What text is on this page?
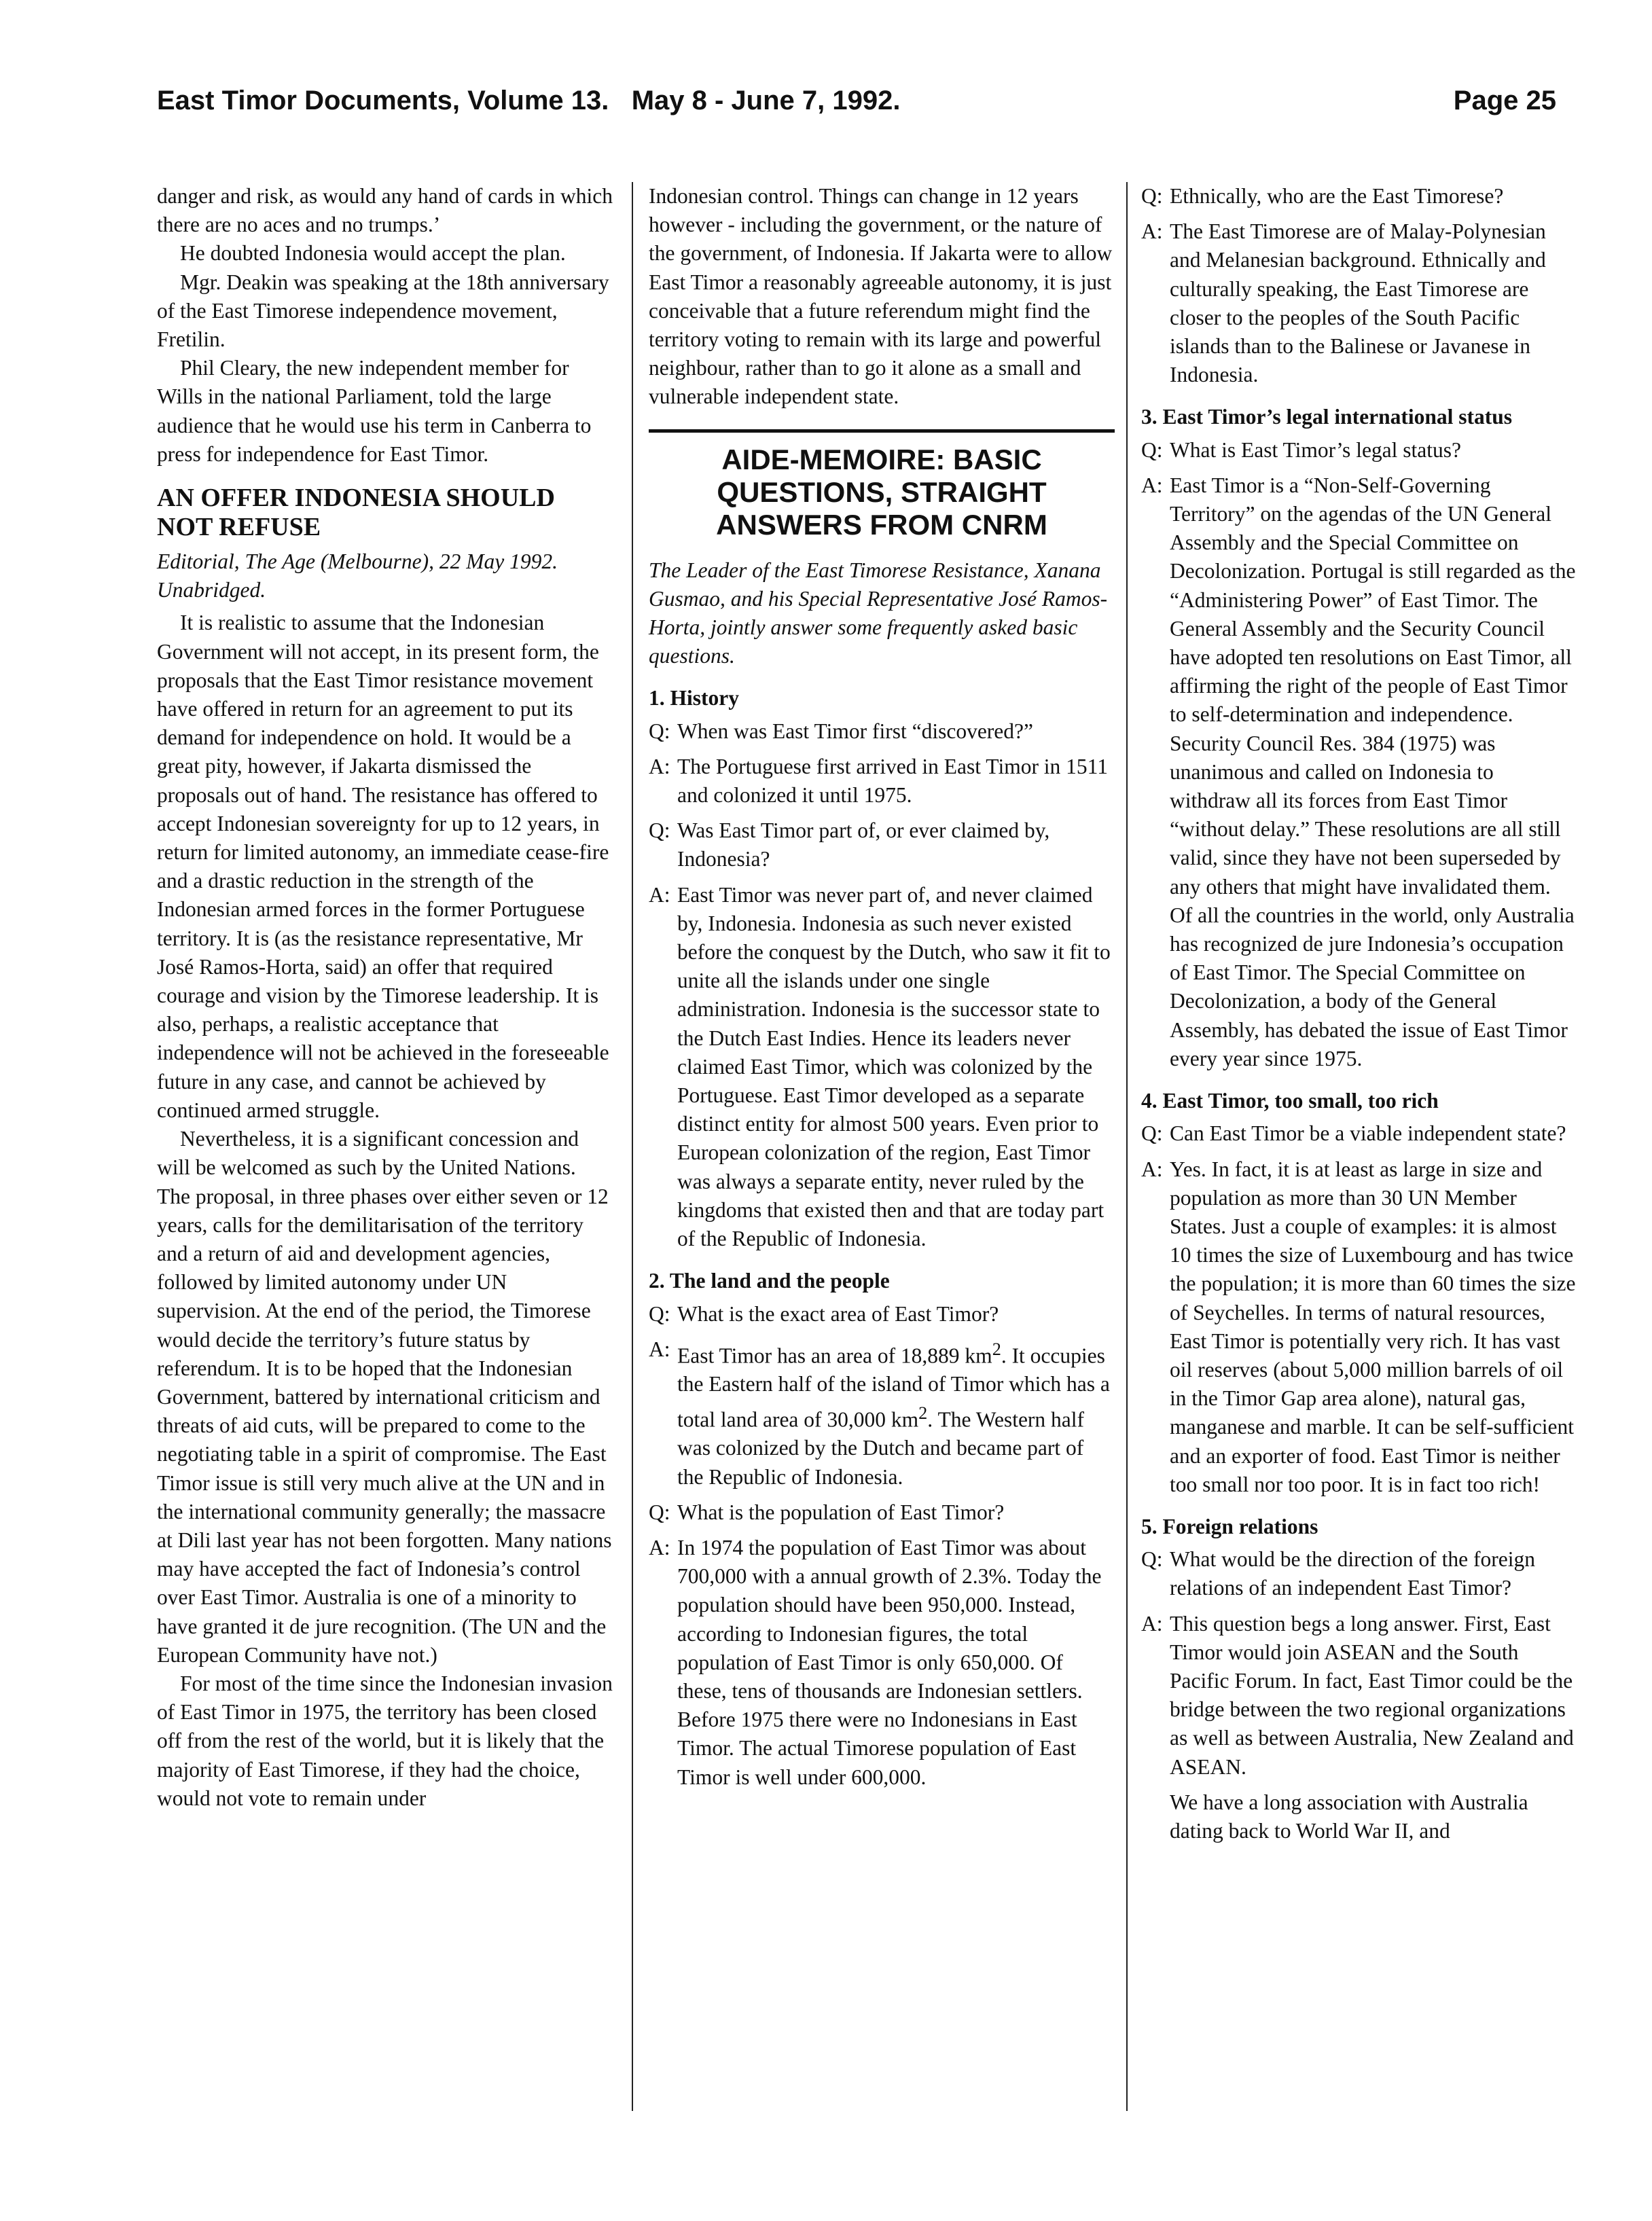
East Timor Documents, Volume 13.   May 8 - June 7, 1992.	Page 25

danger and risk, as would any hand of cards in which there are no aces and no trumps.’

He doubted Indonesia would accept the plan.

Mgr. Deakin was speaking at the 18th anniversary of the East Timorese independence movement, Fretilin.

Phil Cleary, the new independent member for Wills in the national Parliament, told the large audience that he would use his term in Canberra to press for independence for East Timor.

AN OFFER INDONESIA SHOULD NOT REFUSE
Editorial, The Age (Melbourne), 22 May 1992. Unabridged.

It is realistic to assume that the Indonesian Government will not accept, in its present form, the proposals that the East Timor resistance movement have offered in return for an agreement to put its demand for independence on hold. It would be a great pity, however, if Jakarta dismissed the proposals out of hand. The resistance has offered to accept Indonesian sovereignty for up to 12 years, in return for limited autonomy, an immediate cease-fire and a drastic reduction in the strength of the Indonesian armed forces in the former Portuguese territory. It is (as the resistance representative, Mr José Ramos-Horta, said) an offer that required courage and vision by the Timorese leadership. It is also, perhaps, a realistic acceptance that independence will not be achieved in the foreseeable future in any case, and cannot be achieved by continued armed struggle.

Nevertheless, it is a significant concession and will be welcomed as such by the United Nations. The proposal, in three phases over either seven or 12 years, calls for the demilitarisation of the territory and a return of aid and development agencies, followed by limited autonomy under UN supervision. At the end of the period, the Timorese would decide the territory’s future status by referendum. It is to be hoped that the Indonesian Government, battered by international criticism and threats of aid cuts, will be prepared to come to the negotiating table in a spirit of compromise. The East Timor issue is still very much alive at the UN and in the international community generally; the massacre at Dili last year has not been forgotten. Many nations may have accepted the fact of Indonesia’s control over East Timor. Australia is one of a minority to have granted it de jure recognition. (The UN and the European Community have not.)

For most of the time since the Indonesian invasion of East Timor in 1975, the territory has been closed off from the rest of the world, but it is likely that the majority of East Timorese, if they had the choice, would not vote to remain under

Indonesian control. Things can change in 12 years however - including the government, or the nature of the government, of Indonesia. If Jakarta were to allow East Timor a reasonably agreeable autonomy, it is just conceivable that a future referendum might find the territory voting to remain with its large and powerful neighbour, rather than to go it alone as a small and vulnerable independent state.

AIDE-MEMOIRE: BASIC QUESTIONS, STRAIGHT ANSWERS FROM CNRM
The Leader of the East Timorese Resistance, Xanana Gusmao, and his Special Representative José Ramos-Horta, jointly answer some frequently asked basic questions.
1. History
Q: When was East Timor first “discovered?”
A: The Portuguese first arrived in East Timor in 1511 and colonized it until 1975.
Q: Was East Timor part of, or ever claimed by, Indonesia?
A: East Timor was never part of, and never claimed by, Indonesia. Indonesia as such never existed before the conquest by the Dutch, who saw it fit to unite all the islands under one single administration. Indonesia is the successor state to the Dutch East Indies. Hence its leaders never claimed East Timor, which was colonized by the Portuguese. East Timor developed as a separate distinct entity for almost 500 years. Even prior to European colonization of the region, East Timor was always a separate entity, never ruled by the kingdoms that existed then and that are today part of the Republic of Indonesia.
2. The land and the people
Q: What is the exact area of East Timor?
A: East Timor has an area of 18,889 $km^2$. It occupies the Eastern half of the island of Timor which has a total land area of 30,000 $km^2$. The Western half was colonized by the Dutch and became part of the Republic of Indonesia.
Q: What is the population of East Timor?
A: In 1974 the population of East Timor was about 700,000 with a annual growth of 2.3%. Today the population should have been 950,000. Instead, according to Indonesian figures, the total population of East Timor is only 650,000. Of these, tens of thousands are Indonesian settlers. Before 1975 there were no Indonesians in East Timor. The actual Timorese population of East Timor is well under 600,000.
Q: Ethnically, who are the East Timorese?
A: The East Timorese are of Malay-Polynesian and Melanesian background. Ethnically and culturally speaking, the East Timorese are closer to the peoples of the South Pacific islands than to the Balinese or Javanese in Indonesia.
3. East Timor’s legal international status
Q: What is East Timor’s legal status?
A: East Timor is a “Non-Self-Governing Territory” on the agendas of the UN General Assembly and the Special Committee on Decolonization. Portugal is still regarded as the “Administering Power” of East Timor. The General Assembly and the Security Council have adopted ten resolutions on East Timor, all affirming the right of the people of East Timor to self-determination and independence. Security Council Res. 384 (1975) was unanimous and called on Indonesia to withdraw all its forces from East Timor “without delay.” These resolutions are all still valid, since they have not been superseded by any others that might have invalidated them. Of all the countries in the world, only Australia has recognized de jure Indonesia’s occupation of East Timor. The Special Committee on Decolonization, a body of the General Assembly, has debated the issue of East Timor every year since 1975.
4. East Timor, too small, too rich
Q: Can East Timor be a viable independent state?
A: Yes. In fact, it is at least as large in size and population as more than 30 UN Member States. Just a couple of examples: it is almost 10 times the size of Luxembourg and has twice the population; it is more than 60 times the size of Seychelles. In terms of natural resources, East Timor is potentially very rich. It has vast oil reserves (about 5,000 million barrels of oil in the Timor Gap area alone), natural gas, manganese and marble. It can be self-sufficient and an exporter of food. East Timor is neither too small nor too poor. It is in fact too rich!
5. Foreign relations
Q: What would be the direction of the foreign relations of an independent East Timor?
A: This question begs a long answer. First, East Timor would join ASEAN and the South Pacific Forum. In fact, East Timor could be the bridge between the two regional organizations as well as between Australia, New Zealand and ASEAN.

We have a long association with Australia dating back to World War II, and
